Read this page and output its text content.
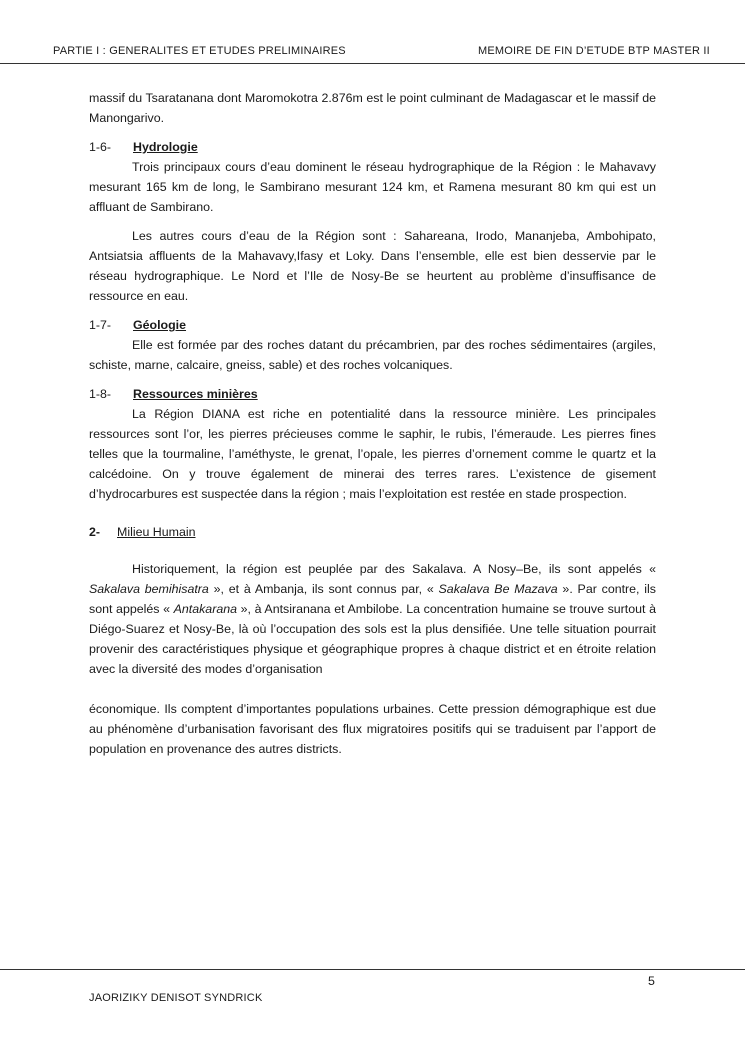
PARTIE I : GENERALITES ET ETUDES PRELIMINAIRES	MEMOIRE DE FIN D’ETUDE BTP MASTER II

massif du Tsaratanana dont Maromokotra 2.876m est le point culminant de Madagascar et le massif de Manongarivo.

1-6- Hydrologie

Trois principaux cours d’eau dominent le réseau hydrographique de la Région : le Mahavavy mesurant 165 km de long, le Sambirano mesurant 124 km, et Ramena mesurant 80 km qui est un affluant de Sambirano.

Les autres cours d’eau de la Région sont : Sahareana, Irodo, Mananjeba, Ambohipato, Antsiatsia affluents de la Mahavavy,Ifasy et Loky. Dans l’ensemble, elle est bien desservie par le réseau hydrographique. Le Nord et l’Ile de Nosy-Be se heurtent au problème d’insuffisance de ressource en eau.

1-7- Géologie

Elle est formée par des roches datant du précambrien, par des roches sédimentaires (argiles, schiste, marne, calcaire, gneiss, sable) et des roches volcaniques.

1-8- Ressources minières

La Région DIANA est riche en potentialité dans la ressource minière. Les principales ressources sont l’or, les pierres précieuses comme le saphir, le rubis, l’émeraude. Les pierres fines telles que la tourmaline, l’améthyste, le grenat, l’opale, les pierres d’ornement comme le quartz et la calcédoine. On y trouve également de minerai des terres rares. L’existence de gisement d’hydrocarbures est suspectée dans la région ; mais l’exploitation est restée en stade prospection.

2- Milieu Humain

Historiquement, la région est peuplée par des Sakalava. A Nosy–Be, ils sont appelés « Sakalava bemihisatra », et à Ambanja, ils sont connus par, « Sakalava Be Mazava ». Par contre, ils sont appelés « Antakarana », à Antsiranana et Ambilobe. La concentration humaine se trouve surtout à Diégo-Suarez et Nosy-Be, là où l’occupation des sols est la plus densifiée. Une telle situation pourrait provenir des caractéristiques physique et géographique propres à chaque district et en étroite relation avec la diversité des modes d’organisation

économique. Ils comptent d’importantes populations urbaines. Cette pression démographique est due au phénomène d’urbanisation favorisant des flux migratoires positifs qui se traduisent par l’apport de population en provenance des autres districts.

5
JAORIZIKY DENISOT SYNDRICK
